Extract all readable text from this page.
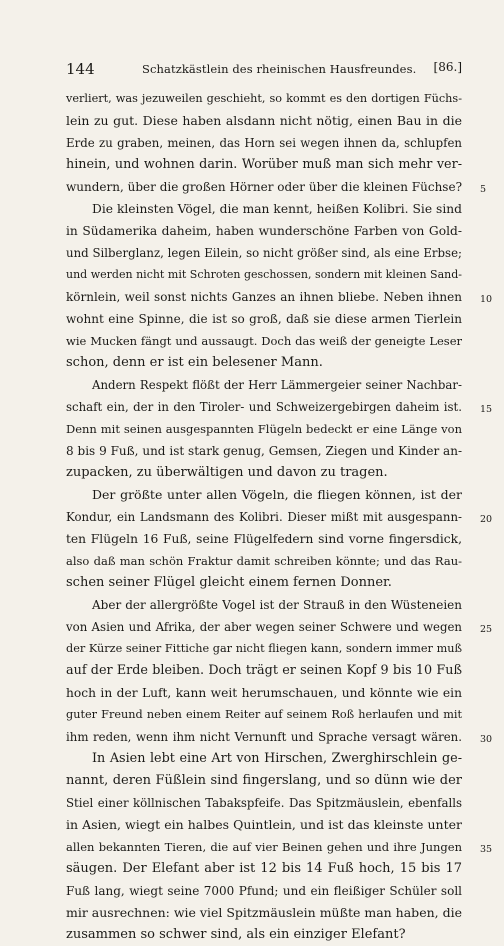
144	Schatzkästlein des rheinischen Hausfreundes. [86.]
verliert, was jezuweilen geschieht, so kommt es den dortigen Füchs-
lein zu gut. Diese haben alsdann nicht nötig, einen Bau in die
Erde zu graben, meinen, das Horn sei wegen ihnen da, schlupfen
hinein, und wohnen darin. Worüber muß man sich mehr ver-
wundern, über die großen Hörner oder über die kleinen Füchse? 5
Die kleinsten Vögel, die man kennt, heißen Kolibri. Sie sind
in Südamerika daheim, haben wunderschöne Farben von Gold-
und Silberglanz, legen Eilein, so nicht größer sind, als eine Erbse;
und werden nicht mit Schroten geschossen, sondern mit kleinen Sand-
körnlein, weil sonst nichts Ganzes an ihnen bliebe. Neben ihnen 10
wohnt eine Spinne, die ist so groß, daß sie diese armen Tierlein
wie Mucken fängt und aussaugt. Doch das weiß der geneigte Leser
schon, denn er ist ein belesener Mann.
Andern Respekt flößt der Herr Lämmergeier seiner Nachbar-
schaft ein, der in den Tiroler- und Schweizergebirgen daheim ist. 15
Denn mit seinen ausgespannten Flügeln bedeckt er eine Länge von
8 bis 9 Fuß, und ist stark genug, Gemsen, Ziegen und Kinder an-
zupacken, zu überwältigen und davon zu tragen.
Der größte unter allen Vögeln, die fliegen können, ist der
Kondur, ein Landsmann des Kolibri. Dieser mißt mit ausgespann- 20
ten Flügeln 16 Fuß, seine Flügelfedern sind vorne fingersdick,
also daß man schön Fraktur damit schreiben könnte; und das Rau-
schen seiner Flügel gleicht einem fernen Donner.
Aber der allergrößte Vogel ist der Strauß in den Wüsteneien
von Asien und Afrika, der aber wegen seiner Schwere und wegen 25
der Kürze seiner Fittiche gar nicht fliegen kann, sondern immer muß
auf der Erde bleiben. Doch trägt er seinen Kopf 9 bis 10 Fuß
hoch in der Luft, kann weit herumschauen, und könnte wie ein
guter Freund neben einem Reiter auf seinem Roß herlaufen und mit
ihm reden, wenn ihm nicht Vernunft und Sprache versagt wären. 30
In Asien lebt eine Art von Hirschen, Zwerghirschlein ge-
nannt, deren Füßlein sind fingerslang, und so dünn wie der
Stiel einer köllnischen Tabakspfeife. Das Spitzmäuslein, ebenfalls
in Asien, wiegt ein halbes Quintlein, und ist das kleinste unter
allen bekannten Tieren, die auf vier Beinen gehen und ihre Jungen 35
säugen. Der Elefant aber ist 12 bis 14 Fuß hoch, 15 bis 17
Fuß lang, wiegt seine 7000 Pfund; und ein fleißiger Schüler soll
mir ausrechnen: wie viel Spitzmäuslein müßte man haben, die
zusammen so schwer sind, als ein einziger Elefant?
